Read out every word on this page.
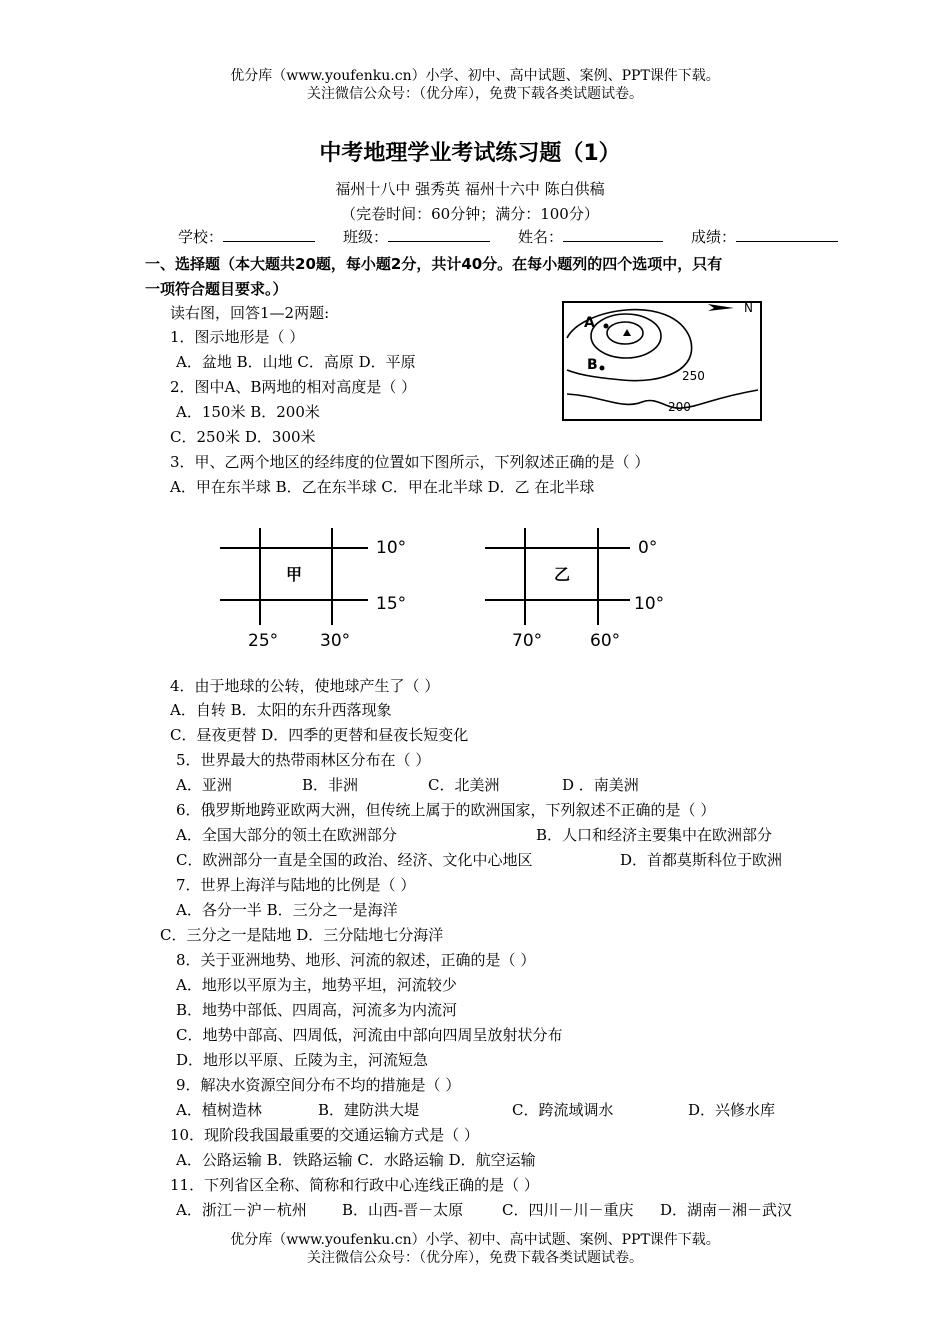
优分库（www.youfenku.cn）小学、初中、高中试题、案例、PPT课件下载。
关注微信公众号：（优分库），免费下载各类试题试卷。
中考地理学业考试练习题（1）
福州十八中 强秀英 福州十六中 陈白供稿
（完卷时间：60分钟；满分：100分）
学校：	班级：	姓名：	成绩：
一、选择题（本大题共20题，每小题2分，共计40分。在每小题列的四个选项中，只有
一项符合题目要求。）
读右图，回答1—2两题:
1．图示地形是（ ）
A．盆地 B．山地 C．高原 D．平原
2．图中A、B两地的相对高度是（ ）
A．150米 B．200米
C．250米 D．300米
A
B
N
250
200
3．甲、乙两个地区的经纬度的位置如下图所示，下列叙述正确的是（ ）
A．甲在东半球 B．乙在东半球 C．甲在北半球 D．乙 在北半球
甲
10°
15°
25° 30°
乙
0°
10°
70°	60°
4．由于地球的公转，使地球产生了（ ）
A．自转 B．太阳的东升西落现象
C．昼夜更替 D．四季的更替和昼夜长短变化
5．世界最大的热带雨林区分布在（ ）
A．亚洲	B．非洲	C．北美洲	D ．南美洲
6．俄罗斯地跨亚欧两大洲，但传统上属于的欧洲国家，下列叙述不正确的是（ ）
A．全国大部分的领土在欧洲部分	B．人口和经济主要集中在欧洲部分
C．欧洲部分一直是全国的政治、经济、文化中心地区	D．首都莫斯科位于欧洲
7．世界上海洋与陆地的比例是（ ）
A．各分一半 B．三分之一是海洋
C．三分之一是陆地 D．三分陆地七分海洋
8．关于亚洲地势、地形、河流的叙述，正确的是（ ）
A．地形以平原为主，地势平坦，河流较少
B．地势中部低、四周高，河流多为内流河
C．地势中部高、四周低，河流由中部向四周呈放射状分布
D．地形以平原、丘陵为主，河流短急
9．解决水资源空间分布不均的措施是（ ）
A．植树造林	B．建防洪大堤	C．跨流域调水	D．兴修水库
10．现阶段我国最重要的交通运输方式是（ ）
A．公路运输 B．铁路运输 C．水路运输 D．航空运输
11．下列省区全称、简称和行政中心连线正确的是（ ）
A．浙江－沪－杭州 B．山西-晋－太原	C．四川－川－重庆 D．湖南－湘－武汉
优分库（www.youfenku.cn）小学、初中、高中试题、案例、PPT课件下载。
关注微信公众号：（优分库），免费下载各类试题试卷。
